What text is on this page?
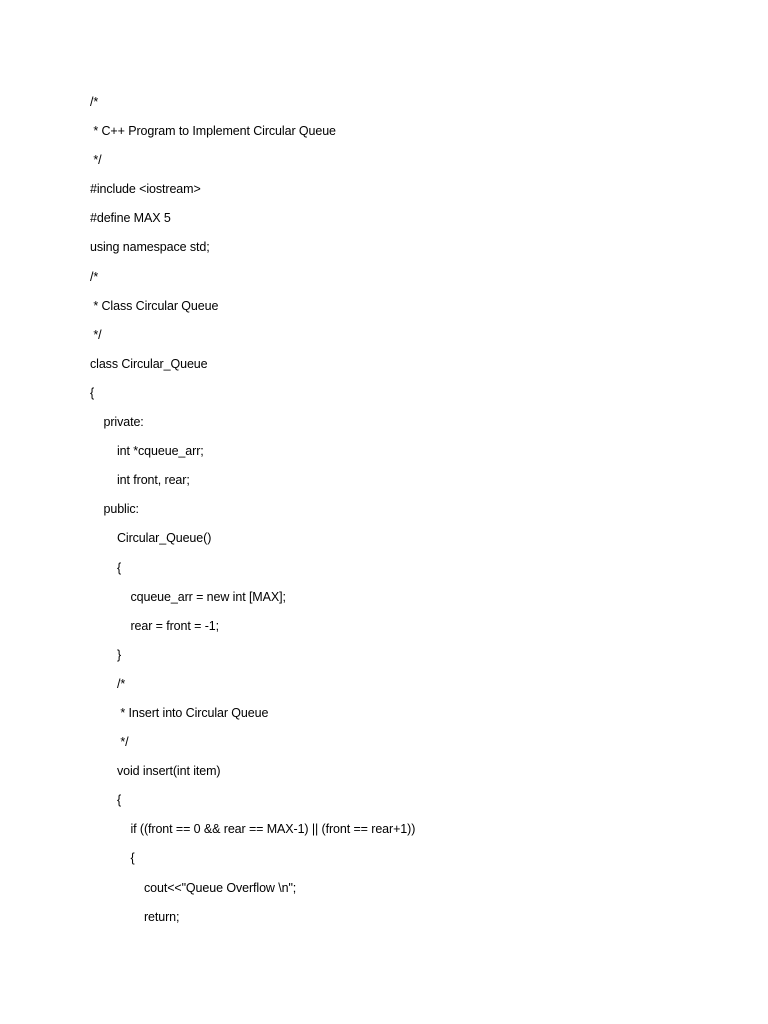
/*
* C++ Program to Implement Circular Queue
*/
#include <iostream>
#define MAX 5
using namespace std;
/*
* Class Circular Queue
*/
class Circular_Queue
{
private:
int *cqueue_arr;
int front, rear;
public:
Circular_Queue()
{
cqueue_arr = new int [MAX];
rear = front = -1;
}
/*
* Insert into Circular Queue
*/
void insert(int item)
{
if ((front == 0 && rear == MAX-1) || (front == rear+1))
{
cout<<"Queue Overflow \n";
return;
